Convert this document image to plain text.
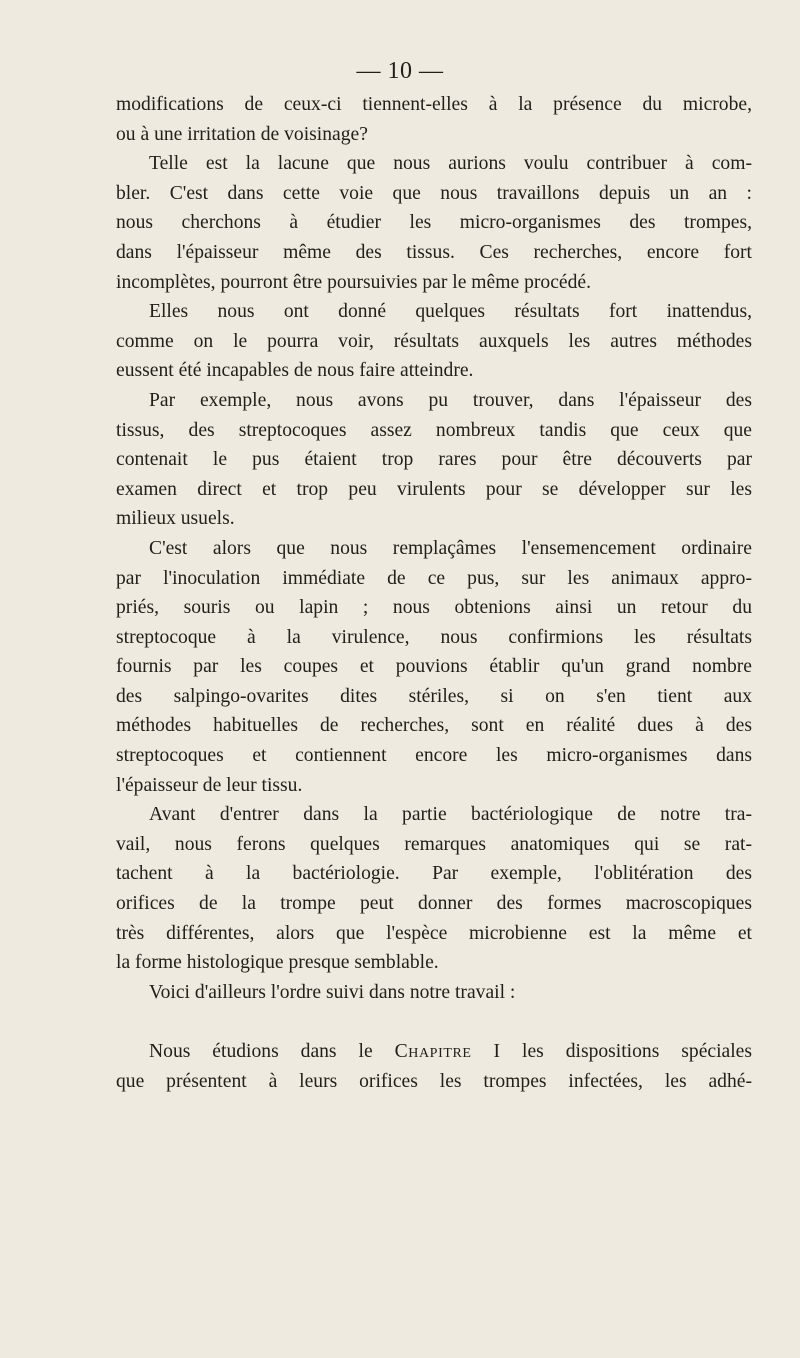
— 10 —
modifications de ceux-ci tiennent-elles à la présence du microbe,
ou à une irritation de voisinage?
Telle est la lacune que nous aurions voulu contribuer à com-
bler. C'est dans cette voie que nous travaillons depuis un an :
nous cherchons à étudier les micro-organismes des trompes,
dans l'épaisseur même des tissus. Ces recherches, encore fort
incomplètes, pourront être poursuivies par le même procédé.
Elles nous ont donné quelques résultats fort inattendus,
comme on le pourra voir, résultats auxquels les autres méthodes
eussent été incapables de nous faire atteindre.
Par exemple, nous avons pu trouver, dans l'épaisseur des
tissus, des streptocoques assez nombreux tandis que ceux que
contenait le pus étaient trop rares pour être découverts par
examen direct et trop peu virulents pour se développer sur les
milieux usuels.
C'est alors que nous remplaçâmes l'ensemencement ordinaire
par l'inoculation immédiate de ce pus, sur les animaux appro-
priés, souris ou lapin ; nous obtenions ainsi un retour du
streptocoque à la virulence, nous confirmions les résultats
fournis par les coupes et pouvions établir qu'un grand nombre
des salpingo-ovarites dites stériles, si on s'en tient aux
méthodes habituelles de recherches, sont en réalité dues à des
streptocoques et contiennent encore les micro-organismes dans
l'épaisseur de leur tissu.
Avant d'entrer dans la partie bactériologique de notre tra-
vail, nous ferons quelques remarques anatomiques qui se rat-
tachent à la bactériologie. Par exemple, l'oblitération des
orifices de la trompe peut donner des formes macroscopiques
très différentes, alors que l'espèce microbienne est la même et
la forme histologique presque semblable.
Voici d'ailleurs l'ordre suivi dans notre travail :
Nous étudions dans le Chapitre I les dispositions spéciales
que présentent à leurs orifices les trompes infectées, les adhé-
